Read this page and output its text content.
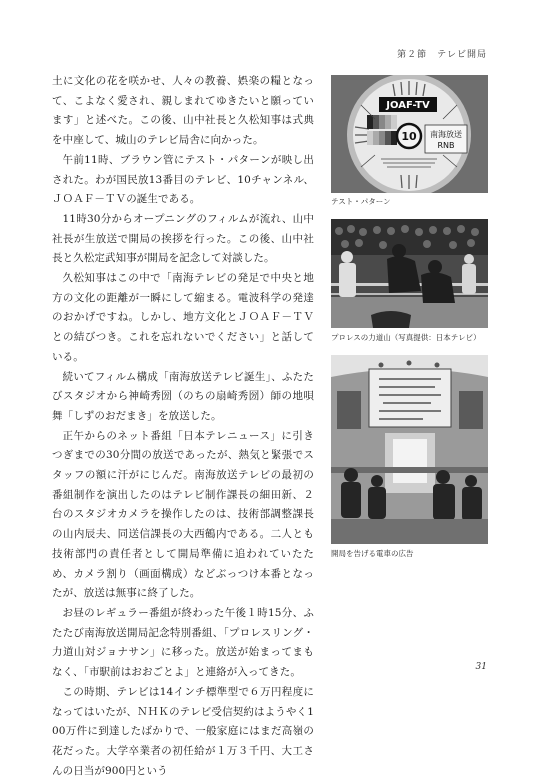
第２節　テレビ開局

土に文化の花を咲かせ、人々の教養、娯楽の糧となって、こよなく愛され、親しまれてゆきたいと願っています」と述べた。この後、山中社長と久松知事は式典を中座して、城山のテレビ局舎に向かった。

午前11時、ブラウン管にテスト・パターンが映し出された。わが国民放13番目のテレビ、10チャンネル、ＪＯＡＦ－ＴＶの誕生である。

11時30分からオープニングのフィルムが流れ、山中社長が生放送で開局の挨拶を行った。この後、山中社長と久松定武知事が開局を記念して対談した。

久松知事はこの中で「南海テレビの発足で中央と地方の文化の距離が一瞬にして縮まる。電波科学の発達のおかげですね。しかし、地方文化とＪＯＡＦ－ＴＶとの結びつき。これを忘れないでください」と話している。

続いてフィルム構成「南海放送テレビ誕生」、ふたたびスタジオから神崎秀圀（のちの扇崎秀圀）師の地唄舞「しずのおだまき」を放送した。

正午からのネット番組「日本テレニュース」に引きつぎまでの30分間の放送であったが、熱気と緊張でスタッフの額に汗がにじんだ。南海放送テレビの最初の番組制作を演出したのはテレビ制作課長の細田新、２台のスタジオカメラを操作したのは、技術部調整課長の山内辰夫、同送信課長の大西鶴内である。二人とも技術部門の責任者として開局準備に追われていたため、カメラ割り（画面構成）などぶっつけ本番となったが、放送は無事に終了した。

お昼のレギュラー番組が終わった午後１時15分、ふたたび南海放送開局記念特別番組、「プロレスリング・力道山対ジョナサン」に移った。放送が始まってまもなく、「市駅前はおおごとよ」と連絡が入ってきた。

この時期、テレビは14インチ標準型で６万円程度になってはいたが、ＮＨＫのテレビ受信契約はようやく100万件に到達したばかりで、一般家庭にはまだ高嶺の花だった。大学卒業者の初任給が１万３千円、大工さんの日当が900円という

JOAF-TV
10 南海放送
RNB
テスト・パターン
プロレスの力道山（写真提供：日本テレビ）
開局を告げる電車の広告
31
